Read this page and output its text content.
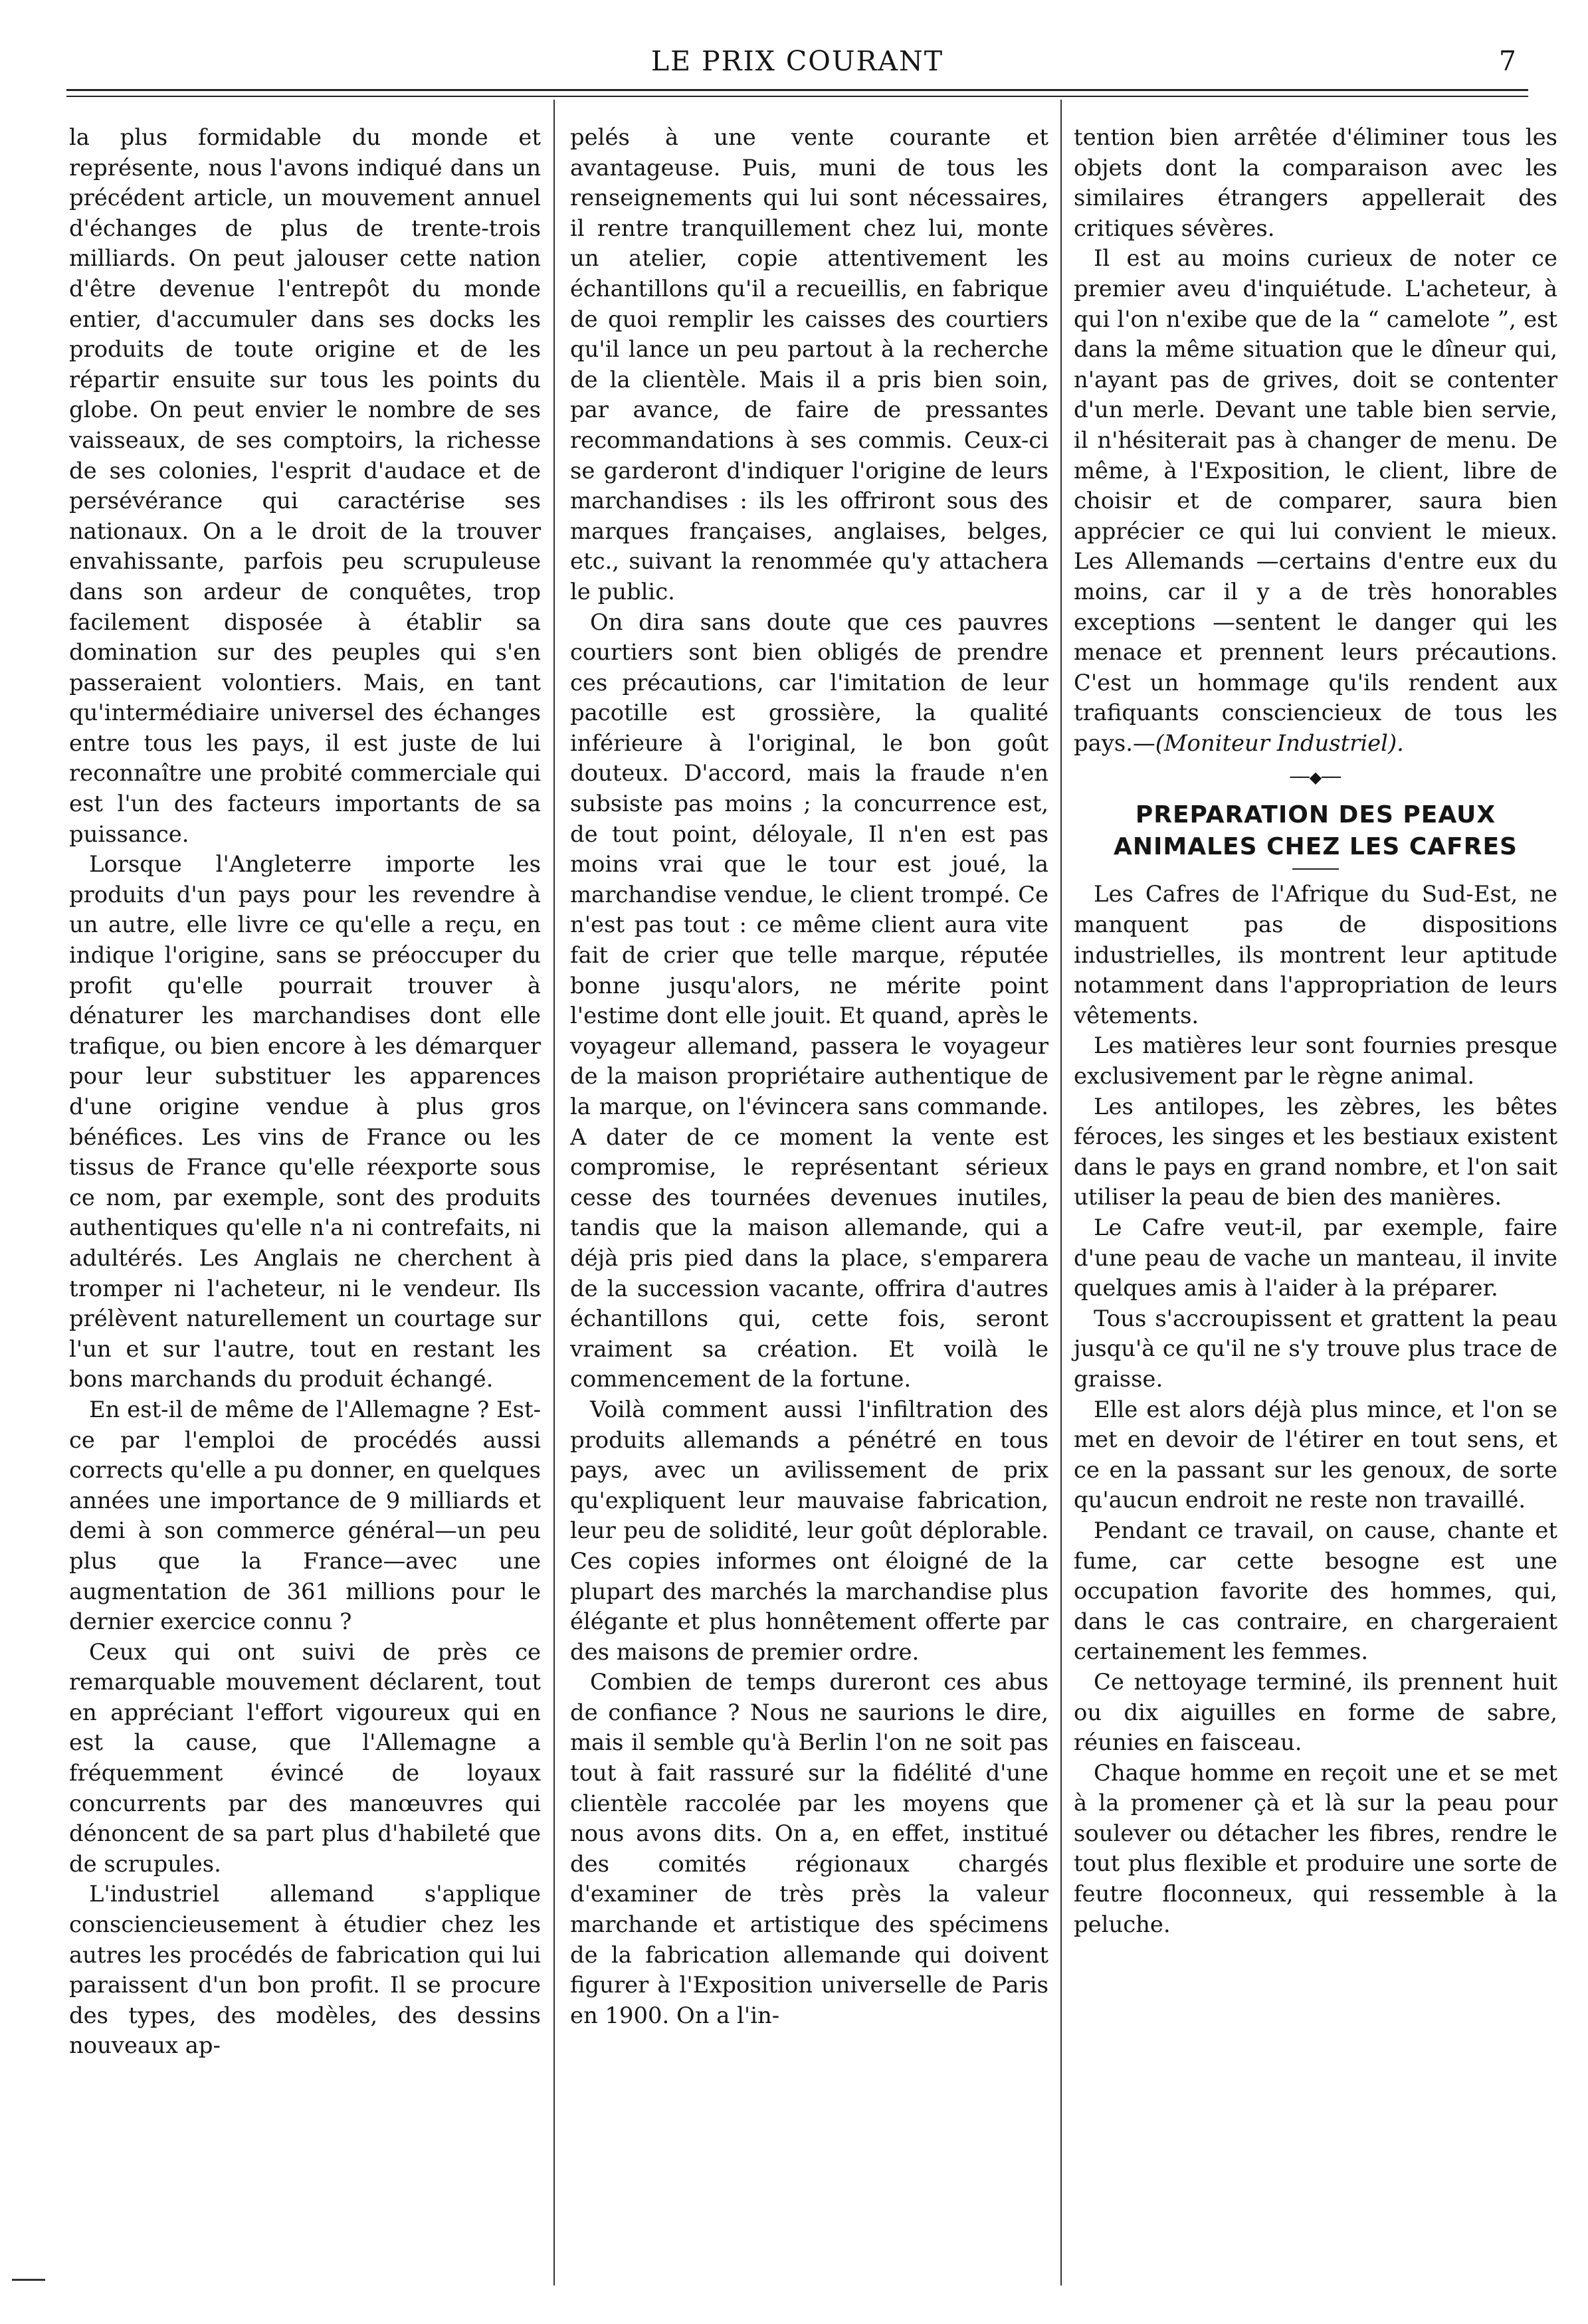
LE PRIX COURANT	7

la plus formidable du monde et représente, nous l'avons indiqué dans un précédent article, un mouvement annuel d'échanges de plus de trente-trois milliards. On peut jalouser cette nation d'être devenue l'entrepôt du monde entier, d'accumuler dans ses docks les produits de toute origine et de les répartir ensuite sur tous les points du globe. On peut envier le nombre de ses vaisseaux, de ses comptoirs, la richesse de ses colonies, l'esprit d'audace et de persévérance qui caractérise ses nationaux. On a le droit de la trouver envahissante, parfois peu scrupuleuse dans son ardeur de conquêtes, trop facilement disposée à établir sa domination sur des peuples qui s'en passeraient volontiers. Mais, en tant qu'intermédiaire universel des échanges entre tous les pays, il est juste de lui reconnaître une probité commerciale qui est l'un des facteurs importants de sa puissance.

Lorsque l'Angleterre importe les produits d'un pays pour les revendre à un autre, elle livre ce qu'elle a reçu, en indique l'origine, sans se préoccuper du profit qu'elle pourrait trouver à dénaturer les marchandises dont elle trafique, ou bien encore à les démarquer pour leur substituer les apparences d'une origine vendue à plus gros bénéfices. Les vins de France ou les tissus de France qu'elle réexporte sous ce nom, par exemple, sont des produits authentiques qu'elle n'a ni contrefaits, ni adultérés. Les Anglais ne cherchent à tromper ni l'acheteur, ni le vendeur. Ils prélèvent naturellement un courtage sur l'un et sur l'autre, tout en restant les bons marchands du produit échangé.

En est-il de même de l'Allemagne ? Est-ce par l'emploi de procédés aussi corrects qu'elle a pu donner, en quelques années une importance de 9 milliards et demi à son commerce général—un peu plus que la France—avec une augmentation de 361 millions pour le dernier exercice connu ?

Ceux qui ont suivi de près ce remarquable mouvement déclarent, tout en appréciant l'effort vigoureux qui en est la cause, que l'Allemagne a fréquemment évincé de loyaux concurrents par des manœuvres qui dénoncent de sa part plus d'habileté que de scrupules.

L'industriel allemand s'applique consciencieusement à étudier chez les autres les procédés de fabrication qui lui paraissent d'un bon profit. Il se procure des types, des modèles, des dessins nouveaux ap-

pelés à une vente courante et avantageuse. Puis, muni de tous les renseignements qui lui sont nécessaires, il rentre tranquillement chez lui, monte un atelier, copie attentivement les échantillons qu'il a recueillis, en fabrique de quoi remplir les caisses des courtiers qu'il lance un peu partout à la recherche de la clientèle. Mais il a pris bien soin, par avance, de faire de pressantes recommandations à ses commis. Ceux-ci se garderont d'indiquer l'origine de leurs marchandises : ils les offriront sous des marques françaises, anglaises, belges, etc., suivant la renommée qu'y attachera le public.

On dira sans doute que ces pauvres courtiers sont bien obligés de prendre ces précautions, car l'imitation de leur pacotille est grossière, la qualité inférieure à l'original, le bon goût douteux. D'accord, mais la fraude n'en subsiste pas moins ; la concurrence est, de tout point, déloyale, Il n'en est pas moins vrai que le tour est joué, la marchandise vendue, le client trompé. Ce n'est pas tout : ce même client aura vite fait de crier que telle marque, réputée bonne jusqu'alors, ne mérite point l'estime dont elle jouit. Et quand, après le voyageur allemand, passera le voyageur de la maison propriétaire authentique de la marque, on l'évincera sans commande. A dater de ce moment la vente est compromise, le représentant sérieux cesse des tournées devenues inutiles, tandis que la maison allemande, qui a déjà pris pied dans la place, s'emparera de la succession vacante, offrira d'autres échantillons qui, cette fois, seront vraiment sa création. Et voilà le commencement de la fortune.

Voilà comment aussi l'infiltration des produits allemands a pénétré en tous pays, avec un avilissement de prix qu'expliquent leur mauvaise fabrication, leur peu de solidité, leur goût déplorable. Ces copies informes ont éloigné de la plupart des marchés la marchandise plus élégante et plus honnêtement offerte par des maisons de premier ordre.

Combien de temps dureront ces abus de confiance ? Nous ne saurions le dire, mais il semble qu'à Berlin l'on ne soit pas tout à fait rassuré sur la fidélité d'une clientèle raccolée par les moyens que nous avons dits. On a, en effet, institué des comités régionaux chargés d'examiner de très près la valeur marchande et artistique des spécimens de la fabrication allemande qui doivent figurer à l'Exposition universelle de Paris en 1900. On a l'in-

tention bien arrêtée d'éliminer tous les objets dont la comparaison avec les similaires étrangers appellerait des critiques sévères.

Il est au moins curieux de noter ce premier aveu d'inquiétude. L'acheteur, à qui l'on n'exibe que de la “ camelote ”, est dans la même situation que le dîneur qui, n'ayant pas de grives, doit se contenter d'un merle. Devant une table bien servie, il n'hésiterait pas à changer de menu. De même, à l'Exposition, le client, libre de choisir et de comparer, saura bien apprécier ce qui lui convient le mieux. Les Allemands —certains d'entre eux du moins, car il y a de très honorables exceptions —sentent le danger qui les menace et prennent leurs précautions. C'est un hommage qu'ils rendent aux trafiquants consciencieux de tous les pays.—(Moniteur Industriel).

──◆──
PREPARATION DES PEAUX ANIMALES CHEZ LES CAFRES

Les Cafres de l'Afrique du Sud-Est, ne manquent pas de dispositions industrielles, ils montrent leur aptitude notamment dans l'appropriation de leurs vêtements.

Les matières leur sont fournies presque exclusivement par le règne animal.

Les antilopes, les zèbres, les bêtes féroces, les singes et les bestiaux existent dans le pays en grand nombre, et l'on sait utiliser la peau de bien des manières.

Le Cafre veut-il, par exemple, faire d'une peau de vache un manteau, il invite quelques amis à l'aider à la préparer.

Tous s'accroupissent et grattent la peau jusqu'à ce qu'il ne s'y trouve plus trace de graisse.

Elle est alors déjà plus mince, et l'on se met en devoir de l'étirer en tout sens, et ce en la passant sur les genoux, de sorte qu'aucun endroit ne reste non travaillé.

Pendant ce travail, on cause, chante et fume, car cette besogne est une occupation favorite des hommes, qui, dans le cas contraire, en chargeraient certainement les femmes.

Ce nettoyage terminé, ils prennent huit ou dix aiguilles en forme de sabre, réunies en faisceau.

Chaque homme en reçoit une et se met à la promener çà et là sur la peau pour soulever ou détacher les fibres, rendre le tout plus flexible et produire une sorte de feutre floconneux, qui ressemble à la peluche.
